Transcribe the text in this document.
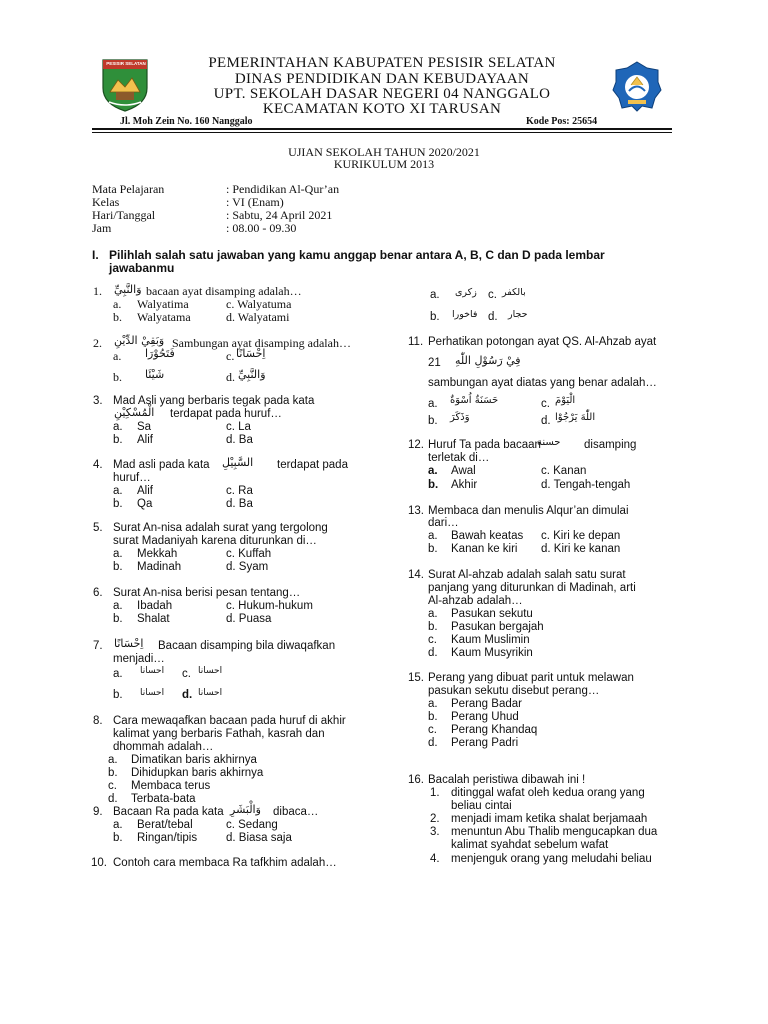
PESISIR SELATAN	PEMERINTAHAN KABUPATEN PESISIR SELATAN
DINAS PENDIDIKAN DAN KEBUDAYAAN
UPT. SEKOLAH DASAR NEGERI 04 NANGGALO
KECAMATAN KOTO XI TARUSAN
Jl. Moh Zein No. 160 Nanggalo	Kode Pos: 25654
UJIAN SEKOLAH TAHUN 2020/2021
KURIKULUM 2013
Mata Pelajaran	: Pendidikan Al-Qur’an
Kelas	: VI (Enam)
Hari/Tanggal	: Sabtu, 24 April 2021
Jam	: 08.00 - 09.30
I. Pilihlah salah satu jawaban yang kamu anggap benar antara A, B, C dan D pada lembar
jawabanmu
1. وَالنَّبِيِّ bacaan ayat disamping adalah…
a. Walyatima	c. Walyatuma
b. Walyatama	d. Walyatami
2. وَبَقِيْ الدِّيْنِ Sambungan ayat disamping adalah…
a. فَتَحُوْرَا	c. اِحْسَانًا
b. شَيْئَا	d. وَالنَّبِيِّ
3. Mad Asli yang berbaris tegak pada kata
الْمُسْكِيْنِ terdapat pada huruf…
a. Sa	c. La
b. Alif	d. Ba
4. Mad asli pada kata السَّبِيْلِ terdapat pada
huruf…
a. Alif	c. Ra
b. Qa	d. Ba
5. Surat An-nisa adalah surat yang tergolong
surat Madaniyah karena diturunkan di…
a. Mekkah	c. Kuffah
b. Madinah	d. Syam
6. Surat An-nisa berisi pesan tentang…
a. Ibadah	c. Hukum-hukum
b. Shalat	d. Puasa
7. اِحْسَانًا Bacaan disamping bila diwaqafkan
menjadi…
a. احسانا c. احسانا
b. احسانا d. احسانا
8. Cara mewaqafkan bacaan pada huruf di akhir
kalimat yang berbaris Fathah, kasrah dan
dhommah adalah…
a. Dimatikan baris akhirnya
b. Dihidupkan baris akhirnya
c. Membaca terus
d. Terbata-bata
9. Bacaan Ra pada kata وَالْبَشَرِ dibaca…
a. Berat/tebal	c. Sedang
b. Ringan/tipis	d. Biasa saja
10. Contoh cara membaca Ra tafkhim adalah…
a. زكرى c. بالكفر
b. فاخورا d. حجار
11. Perhatikan potongan ayat QS. Al-Ahzab ayat
21 فِيْ رَسُوْلِ اللّٰهِ
sambungan ayat diatas yang benar adalah…
a. حَسَنَةٌ اُسْوَةٌ	c. الْيَوْمَ
b. وَذَكَرَ	d. اللّٰهَ يَرْجُوْا
12. Huruf Ta pada bacaan
حسنة disamping
terletak di…
a. Awal	c. Kanan
b. Akhir	d. Tengah-tengah
13. Membaca dan menulis Alqur’an dimulai
dari…
a. Bawah keatas c. Kiri ke depan
b. Kanan ke kiri d. Kiri ke kanan
14. Surat Al-ahzab adalah salah satu surat
panjang yang diturunkan di Madinah, arti
Al-ahzab adalah…
a. Pasukan sekutu
b. Pasukan bergajah
c. Kaum Muslimin
d. Kaum Musyrikin
15. Perang yang dibuat parit untuk melawan
pasukan sekutu disebut perang…
a. Perang Badar
b. Perang Uhud
c. Perang Khandaq
d. Perang Padri
16. Bacalah peristiwa dibawah ini !
1. ditinggal wafat oleh kedua orang yang
beliau cintai
2. menjadi imam ketika shalat berjamaah
3. menuntun Abu Thalib mengucapkan dua
kalimat syahdat sebelum wafat
4. menjenguk orang yang meludahi beliau
